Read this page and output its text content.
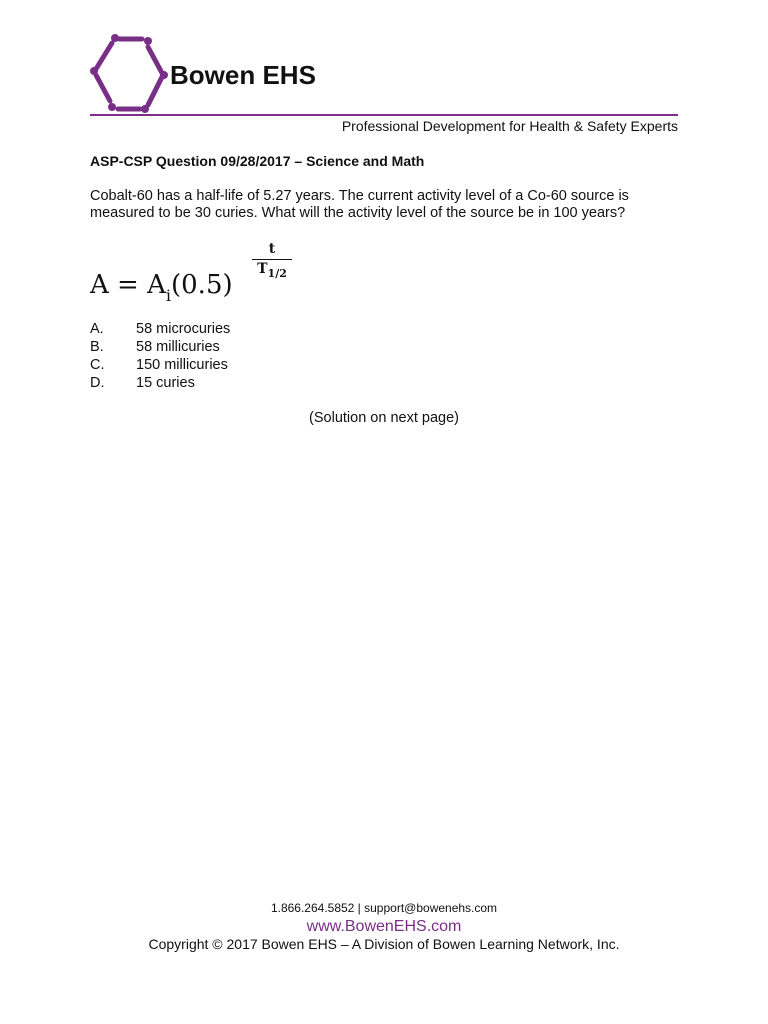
Bowen EHS
Professional Development for Health & Safety Experts
ASP-CSP Question 09/28/2017 – Science and Math
Cobalt-60 has a half-life of 5.27 years. The current activity level of a Co-60 source is measured to be 30 curies. What will the activity level of the source be in 100 years?
$A = A_i(0.5)$
t
$T_{1/2}$
A.	58 microcuries
B.	58 millicuries
C.	150 millicuries
D.	15 curies
(Solution on next page)
1.866.264.5852 | support@bowenehs.com
www.BowenEHS.com
Copyright © 2017 Bowen EHS – A Division of Bowen Learning Network, Inc.
